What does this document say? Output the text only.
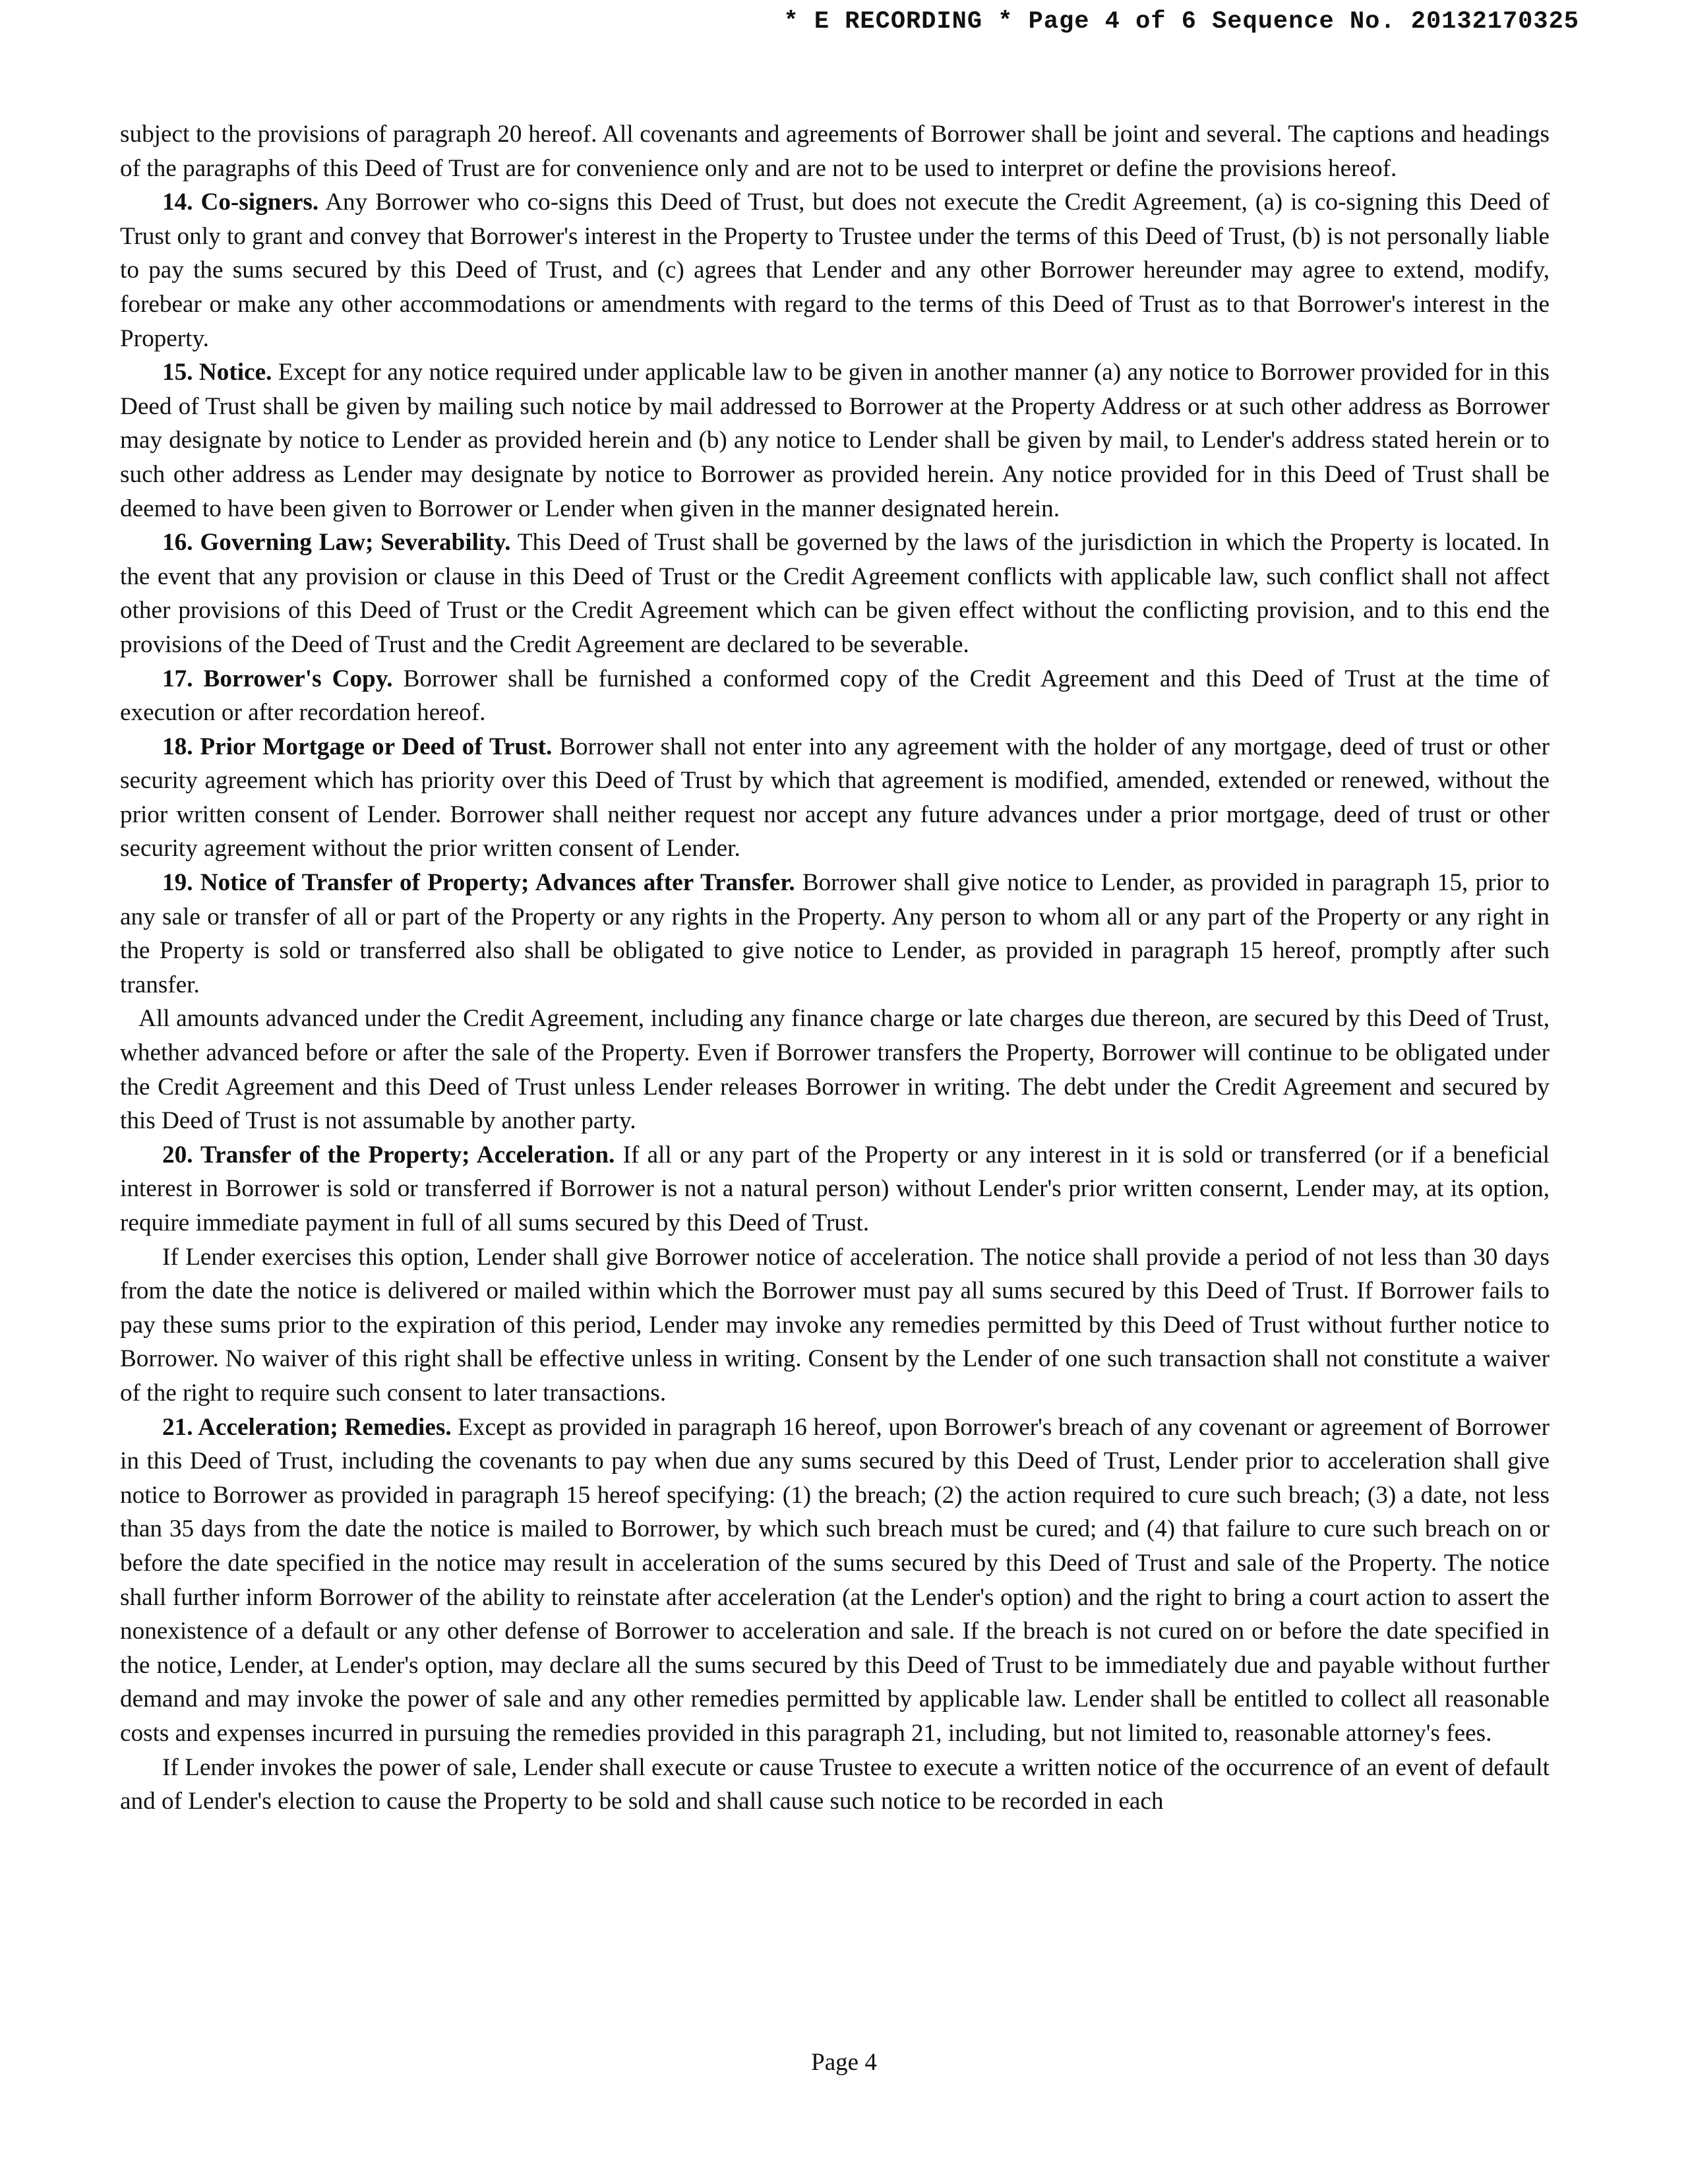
* E RECORDING * Page 4 of 6 Sequence No. 20132170325

subject to the provisions of paragraph 20 hereof. All covenants and agreements of Borrower shall be joint and several. The captions and headings of the paragraphs of this Deed of Trust are for convenience only and are not to be used to interpret or define the provisions hereof.

14. Co-signers. Any Borrower who co-signs this Deed of Trust, but does not execute the Credit Agreement, (a) is co-signing this Deed of Trust only to grant and convey that Borrower's interest in the Property to Trustee under the terms of this Deed of Trust, (b) is not personally liable to pay the sums secured by this Deed of Trust, and (c) agrees that Lender and any other Borrower hereunder may agree to extend, modify, forebear or make any other accommodations or amendments with regard to the terms of this Deed of Trust as to that Borrower's interest in the Property.

15. Notice. Except for any notice required under applicable law to be given in another manner (a) any notice to Borrower provided for in this Deed of Trust shall be given by mailing such notice by mail addressed to Borrower at the Property Address or at such other address as Borrower may designate by notice to Lender as provided herein and (b) any notice to Lender shall be given by mail, to Lender's address stated herein or to such other address as Lender may designate by notice to Borrower as provided herein. Any notice provided for in this Deed of Trust shall be deemed to have been given to Borrower or Lender when given in the manner designated herein.

16. Governing Law; Severability. This Deed of Trust shall be governed by the laws of the jurisdiction in which the Property is located. In the event that any provision or clause in this Deed of Trust or the Credit Agreement conflicts with applicable law, such conflict shall not affect other provisions of this Deed of Trust or the Credit Agreement which can be given effect without the conflicting provision, and to this end the provisions of the Deed of Trust and the Credit Agreement are declared to be severable.

17. Borrower's Copy. Borrower shall be furnished a conformed copy of the Credit Agreement and this Deed of Trust at the time of execution or after recordation hereof.

18. Prior Mortgage or Deed of Trust. Borrower shall not enter into any agreement with the holder of any mortgage, deed of trust or other security agreement which has priority over this Deed of Trust by which that agreement is modified, amended, extended or renewed, without the prior written consent of Lender. Borrower shall neither request nor accept any future advances under a prior mortgage, deed of trust or other security agreement without the prior written consent of Lender.

19. Notice of Transfer of Property; Advances after Transfer. Borrower shall give notice to Lender, as provided in paragraph 15, prior to any sale or transfer of all or part of the Property or any rights in the Property. Any person to whom all or any part of the Property or any right in the Property is sold or transferred also shall be obligated to give notice to Lender, as provided in paragraph 15 hereof, promptly after such transfer.

All amounts advanced under the Credit Agreement, including any finance charge or late charges due thereon, are secured by this Deed of Trust, whether advanced before or after the sale of the Property. Even if Borrower transfers the Property, Borrower will continue to be obligated under the Credit Agreement and this Deed of Trust unless Lender releases Borrower in writing. The debt under the Credit Agreement and secured by this Deed of Trust is not assumable by another party.

20. Transfer of the Property; Acceleration. If all or any part of the Property or any interest in it is sold or transferred (or if a beneficial interest in Borrower is sold or transferred if Borrower is not a natural person) without Lender's prior written consernt, Lender may, at its option, require immediate payment in full of all sums secured by this Deed of Trust.

If Lender exercises this option, Lender shall give Borrower notice of acceleration. The notice shall provide a period of not less than 30 days from the date the notice is delivered or mailed within which the Borrower must pay all sums secured by this Deed of Trust. If Borrower fails to pay these sums prior to the expiration of this period, Lender may invoke any remedies permitted by this Deed of Trust without further notice to Borrower. No waiver of this right shall be effective unless in writing. Consent by the Lender of one such transaction shall not constitute a waiver of the right to require such consent to later transactions.

21. Acceleration; Remedies. Except as provided in paragraph 16 hereof, upon Borrower's breach of any covenant or agreement of Borrower in this Deed of Trust, including the covenants to pay when due any sums secured by this Deed of Trust, Lender prior to acceleration shall give notice to Borrower as provided in paragraph 15 hereof specifying: (1) the breach; (2) the action required to cure such breach; (3) a date, not less than 35 days from the date the notice is mailed to Borrower, by which such breach must be cured; and (4) that failure to cure such breach on or before the date specified in the notice may result in acceleration of the sums secured by this Deed of Trust and sale of the Property. The notice shall further inform Borrower of the ability to reinstate after acceleration (at the Lender's option) and the right to bring a court action to assert the nonexistence of a default or any other defense of Borrower to acceleration and sale. If the breach is not cured on or before the date specified in the notice, Lender, at Lender's option, may declare all the sums secured by this Deed of Trust to be immediately due and payable without further demand and may invoke the power of sale and any other remedies permitted by applicable law. Lender shall be entitled to collect all reasonable costs and expenses incurred in pursuing the remedies provided in this paragraph 21, including, but not limited to, reasonable attorney's fees.

If Lender invokes the power of sale, Lender shall execute or cause Trustee to execute a written notice of the occurrence of an event of default and of Lender's election to cause the Property to be sold and shall cause such notice to be recorded in each

Page 4
